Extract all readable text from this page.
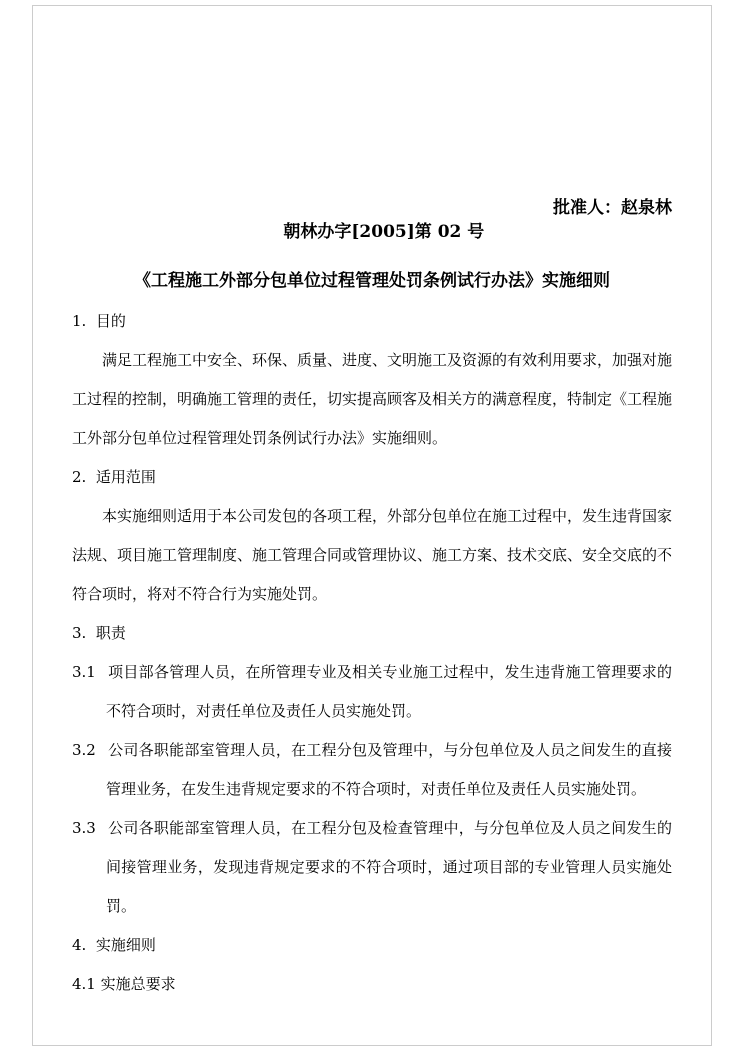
朝林办字[2005]第 02 号

批准人：赵泉林

《工程施工外部分包单位过程管理处罚条例试行办法》实施细则
1.  目的
满足工程施工中安全、环保、质量、进度、文明施工及资源的有效利用要求，加强对施工过程的控制，明确施工管理的责任，切实提高顾客及相关方的满意程度，特制定《工程施工外部分包单位过程管理处罚条例试行办法》实施细则。
2.  适用范围
本实施细则适用于本公司发包的各项工程，外部分包单位在施工过程中，发生违背国家法规、项目施工管理制度、施工管理合同或管理协议、施工方案、技术交底、安全交底的不符合项时，将对不符合行为实施处罚。
3.  职责
3.1 项目部各管理人员，在所管理专业及相关专业施工过程中，发生违背施工管理要求的不符合项时，对责任单位及责任人员实施处罚。
3.2 公司各职能部室管理人员，在工程分包及管理中，与分包单位及人员之间发生的直接管理业务，在发生违背规定要求的不符合项时，对责任单位及责任人员实施处罚。
3.3 公司各职能部室管理人员，在工程分包及检查管理中，与分包单位及人员之间发生的间接管理业务，发现违背规定要求的不符合项时，通过项目部的专业管理人员实施处罚。
4.  实施细则
4.1 实施总要求
